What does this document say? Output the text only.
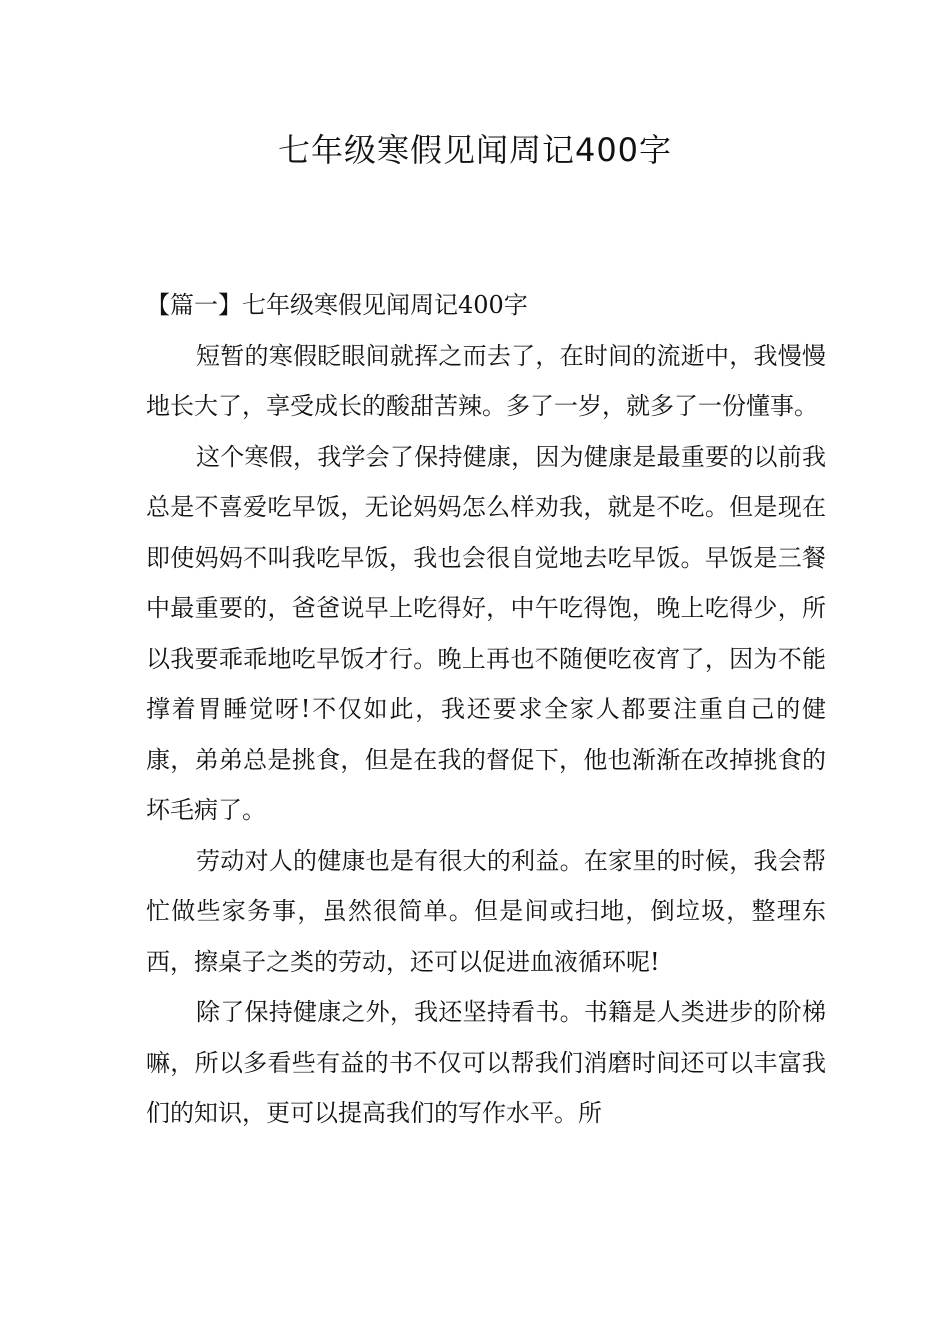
七年级寒假见闻周记400字

【篇一】七年级寒假见闻周记400字

短暂的寒假眨眼间就挥之而去了，在时间的流逝中，我慢慢地长大了，享受成长的酸甜苦辣。多了一岁，就多了一份懂事。

这个寒假，我学会了保持健康，因为健康是最重要的以前我总是不喜爱吃早饭，无论妈妈怎么样劝我，就是不吃。但是现在即使妈妈不叫我吃早饭，我也会很自觉地去吃早饭。早饭是三餐中最重要的，爸爸说早上吃得好，中午吃得饱，晚上吃得少，所以我要乖乖地吃早饭才行。晚上再也不随便吃夜宵了，因为不能撑着胃睡觉呀!不仅如此，我还要求全家人都要注重自己的健康，弟弟总是挑食，但是在我的督促下，他也渐渐在改掉挑食的坏毛病了。

劳动对人的健康也是有很大的利益。在家里的时候，我会帮忙做些家务事，虽然很简单。但是间或扫地，倒垃圾，整理东西，擦桌子之类的劳动，还可以促进血液循环呢!

除了保持健康之外，我还坚持看书。书籍是人类进步的阶梯嘛，所以多看些有益的书不仅可以帮我们消磨时间还可以丰富我们的知识，更可以提高我们的写作水平。所
